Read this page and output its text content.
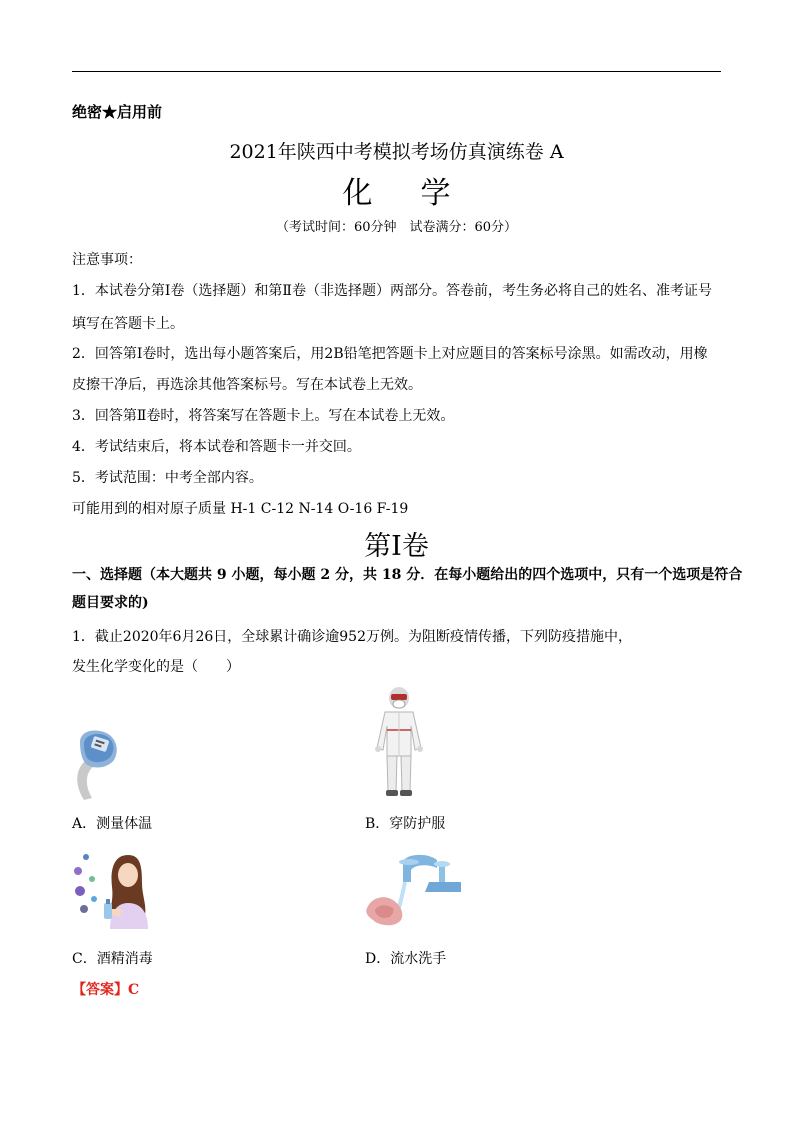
绝密★启用前
2021年陕西中考模拟考场仿真演练卷 A
化 学
（考试时间：60分钟　试卷满分：60分）
注意事项：
1．本试卷分第Ⅰ卷（选择题）和第Ⅱ卷（非选择题）两部分。答卷前，考生务必将自己的姓名、准考证号
填写在答题卡上。
2．回答第Ⅰ卷时，选出每小题答案后，用2B铅笔把答题卡上对应题目的答案标号涂黑。如需改动，用橡
皮擦干净后，再选涂其他答案标号。写在本试卷上无效。
3．回答第Ⅱ卷时，将答案写在答题卡上。写在本试卷上无效。
4．考试结束后，将本试卷和答题卡一并交回。
5．考试范围：中考全部内容。
可能用到的相对原子质量 H-1 C-12 N-14 O-16 F-19
第Ⅰ卷
一、选择题（本大题共 9 小题，每小题 2 分，共 18 分．在每小题给出的四个选项中，只有一个选项是符合
题目要求的)
1．截止2020年6月26日，全球累计确诊逾952万例。为阻断疫情传播，下列防疫措施中，
发生化学变化的是（　　）
A．测量体温	B．穿防护服
C．酒精消毒	D．流水洗手
【答案】C
